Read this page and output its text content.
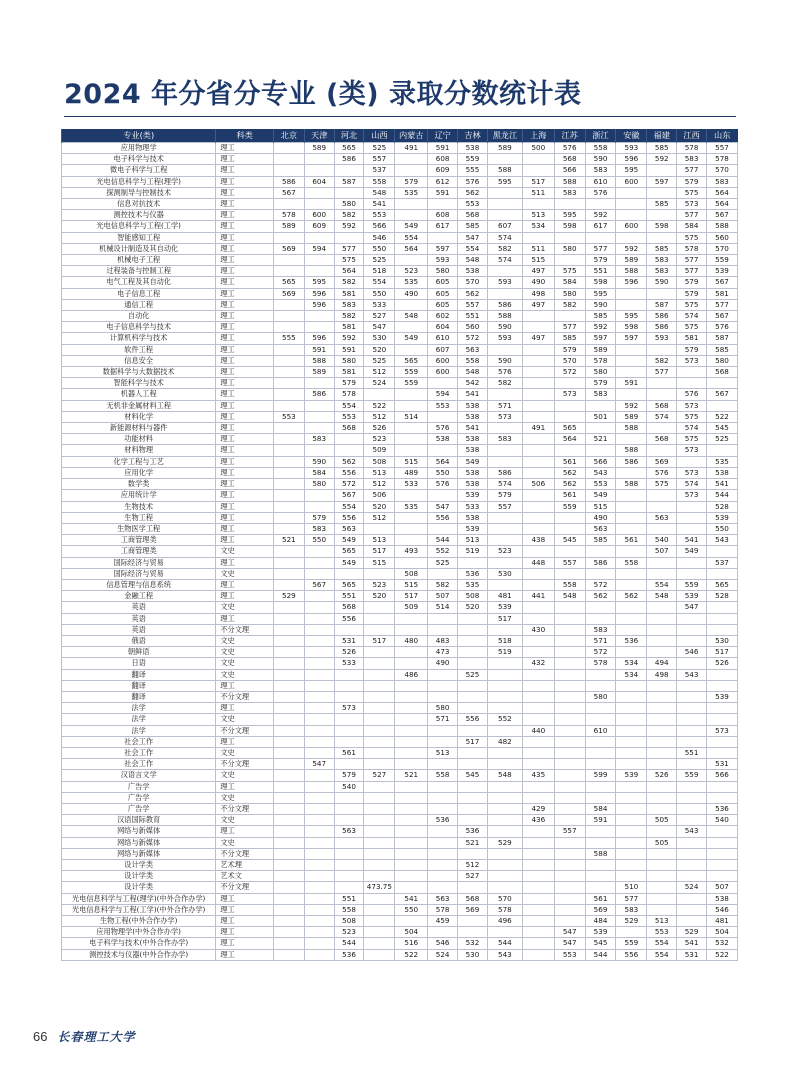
2024 年分省分专业 (类) 录取分数统计表
专业(类)	科类	北京	天津	河北	山西	内蒙古	辽宁	吉林	黑龙江	上海	江苏	浙江	安徽	福建	江西	山东
应用物理学	理工		589	565	525	491	591	538	589	500	576	558	593	585	578	557
电子科学与技术	理工			586	557		608	559			568	590	596	592	583	578
微电子科学与工程	理工				537		609	555	588		566	583	595		577	570
光电信息科学与工程(理学)	理工	586	604	587	558	579	612	576	595	517	588	610	600	597	579	583
探测制导与控制技术	理工	567			548	535	591	562		511	583	576			575	564
信息对抗技术	理工			580	541			553						585	573	564
测控技术与仪器	理工	578	600	582	553		608	568		513	595	592			577	567
光电信息科学与工程(工学)	理工	589	609	592	566	549	617	585	607	534	598	617	600	598	584	588
智能感知工程	理工				546	554		547	574						575	560
机械设计制造及其自动化	理工	569	594	577	550	564	597	554	582	511	580	577	592	585	578	570
机械电子工程	理工			575	525		593	548	574	515		579	589	583	577	559
过程装备与控制工程	理工			564	518	523	580	538		497	575	551	588	583	577	539
电气工程及其自动化	理工	565	595	582	554	535	605	570	593	490	584	598	596	590	579	567
电子信息工程	理工	569	596	581	550	490	605	562		498	580	595			579	581
通信工程	理工		596	583	533		605	557	586	497	582	590		587	575	577
自动化	理工			582	527	548	602	551	588			585	595	586	574	567
电子信息科学与技术	理工			581	547		604	560	590		577	592	598	586	575	576
计算机科学与技术	理工	555	596	592	530	549	610	572	593	497	585	597	597	593	581	587
软件工程	理工		591	591	520		607	563			579	589			579	585
信息安全	理工		588	580	525	565	600	558	590		570	578		582	573	580
数据科学与大数据技术	理工		589	581	512	559	600	548	576		572	580		577		568
智能科学与技术	理工			579	524	559		542	582			579	591			
机器人工程	理工		586	578			594	541			573	583			576	567
无机非金属材料工程	理工			554	522		553	538	571				592	568	573	
材料化学	理工	553		553	512	514		538	573			501	589	574	575	522
新能源材料与器件	理工			568	526		576	541		491	565		588		574	545
功能材料	理工		583		523		538	538	583		564	521		568	575	525
材料物理	理工				509			538					588		573	
化学工程与工艺	理工		590	562	508	515	564	549			561	566	586	569		535
应用化学	理工		584	556	513	489	550	538	586		562	543		576	573	538
数学类	理工		580	572	512	533	576	538	574	506	562	553	588	575	574	541
应用统计学	理工			567	506			539	579		561	549			573	544
生物技术	理工			554	520	535	547	533	557		559	515				528
生物工程	理工		579	556	512		556	538				490		563		539
生物医学工程	理工		583	563				539				563				550
工商管理类	理工	521	550	549	513		544	513		438	545	585	561	540	541	543
工商管理类	文史			565	517	493	552	519	523					507	549	
国际经济与贸易	理工			549	515		525			448	557	586	558			537
国际经济与贸易	文史					508		536	530							
信息管理与信息系统	理工		567	565	523	515	582	535			558	572		554	559	565
金融工程	理工	529		551	520	517	507	508	481	441	548	562	562	548	539	528
英语	文史			568		509	514	520	539						547	
英语	理工			556					517							
英语	不分文理									430		583				
俄语	文史			531	517	480	483		518			571	536			530
朝鲜语	文史			526			473		519			572			546	517
日语	文史			533			490			432		578	534	494		526
翻译	文史					486		525					534	498	543	
翻译	理工															
翻译	不分文理											580				539
法学	理工			573			580									
法学	文史						571	556	552							
法学	不分文理									440		610				573
社会工作	理工							517	482							
社会工作	文史			561			513								551	
社会工作	不分文理		547													531
汉语言文学	文史			579	527	521	558	545	548	435		599	539	526	559	566
广告学	理工			540												
广告学	文史															
广告学	不分文理									429		584				536
汉语国际教育	文史						536			436		591		505		540
网络与新媒体	理工			563				536			557				543	
网络与新媒体	文史							521	529					505		
网络与新媒体	不分文理											588				
设计学类	艺术理							512								
设计学类	艺术文							527								
设计学类	不分文理				473.75								510		524	507
光电信息科学与工程(理学)(中外合作办学)	理工			551		541	563	568	570			561	577			538
光电信息科学与工程(工学)(中外合作办学)	理工			558		550	578	569	578			569	583			546
生物工程(中外合作办学)	理工			508			459		496			484	529	513		481
应用物理学(中外合作办学)	理工			523		504					547	539		553	529	504
电子科学与技术(中外合作办学)	理工			544		516	546	532	544		547	545	559	554	541	532
测控技术与仪器(中外合作办学)	理工			536		522	524	530	543		553	544	556	554	531	522
66 长春理工大学
